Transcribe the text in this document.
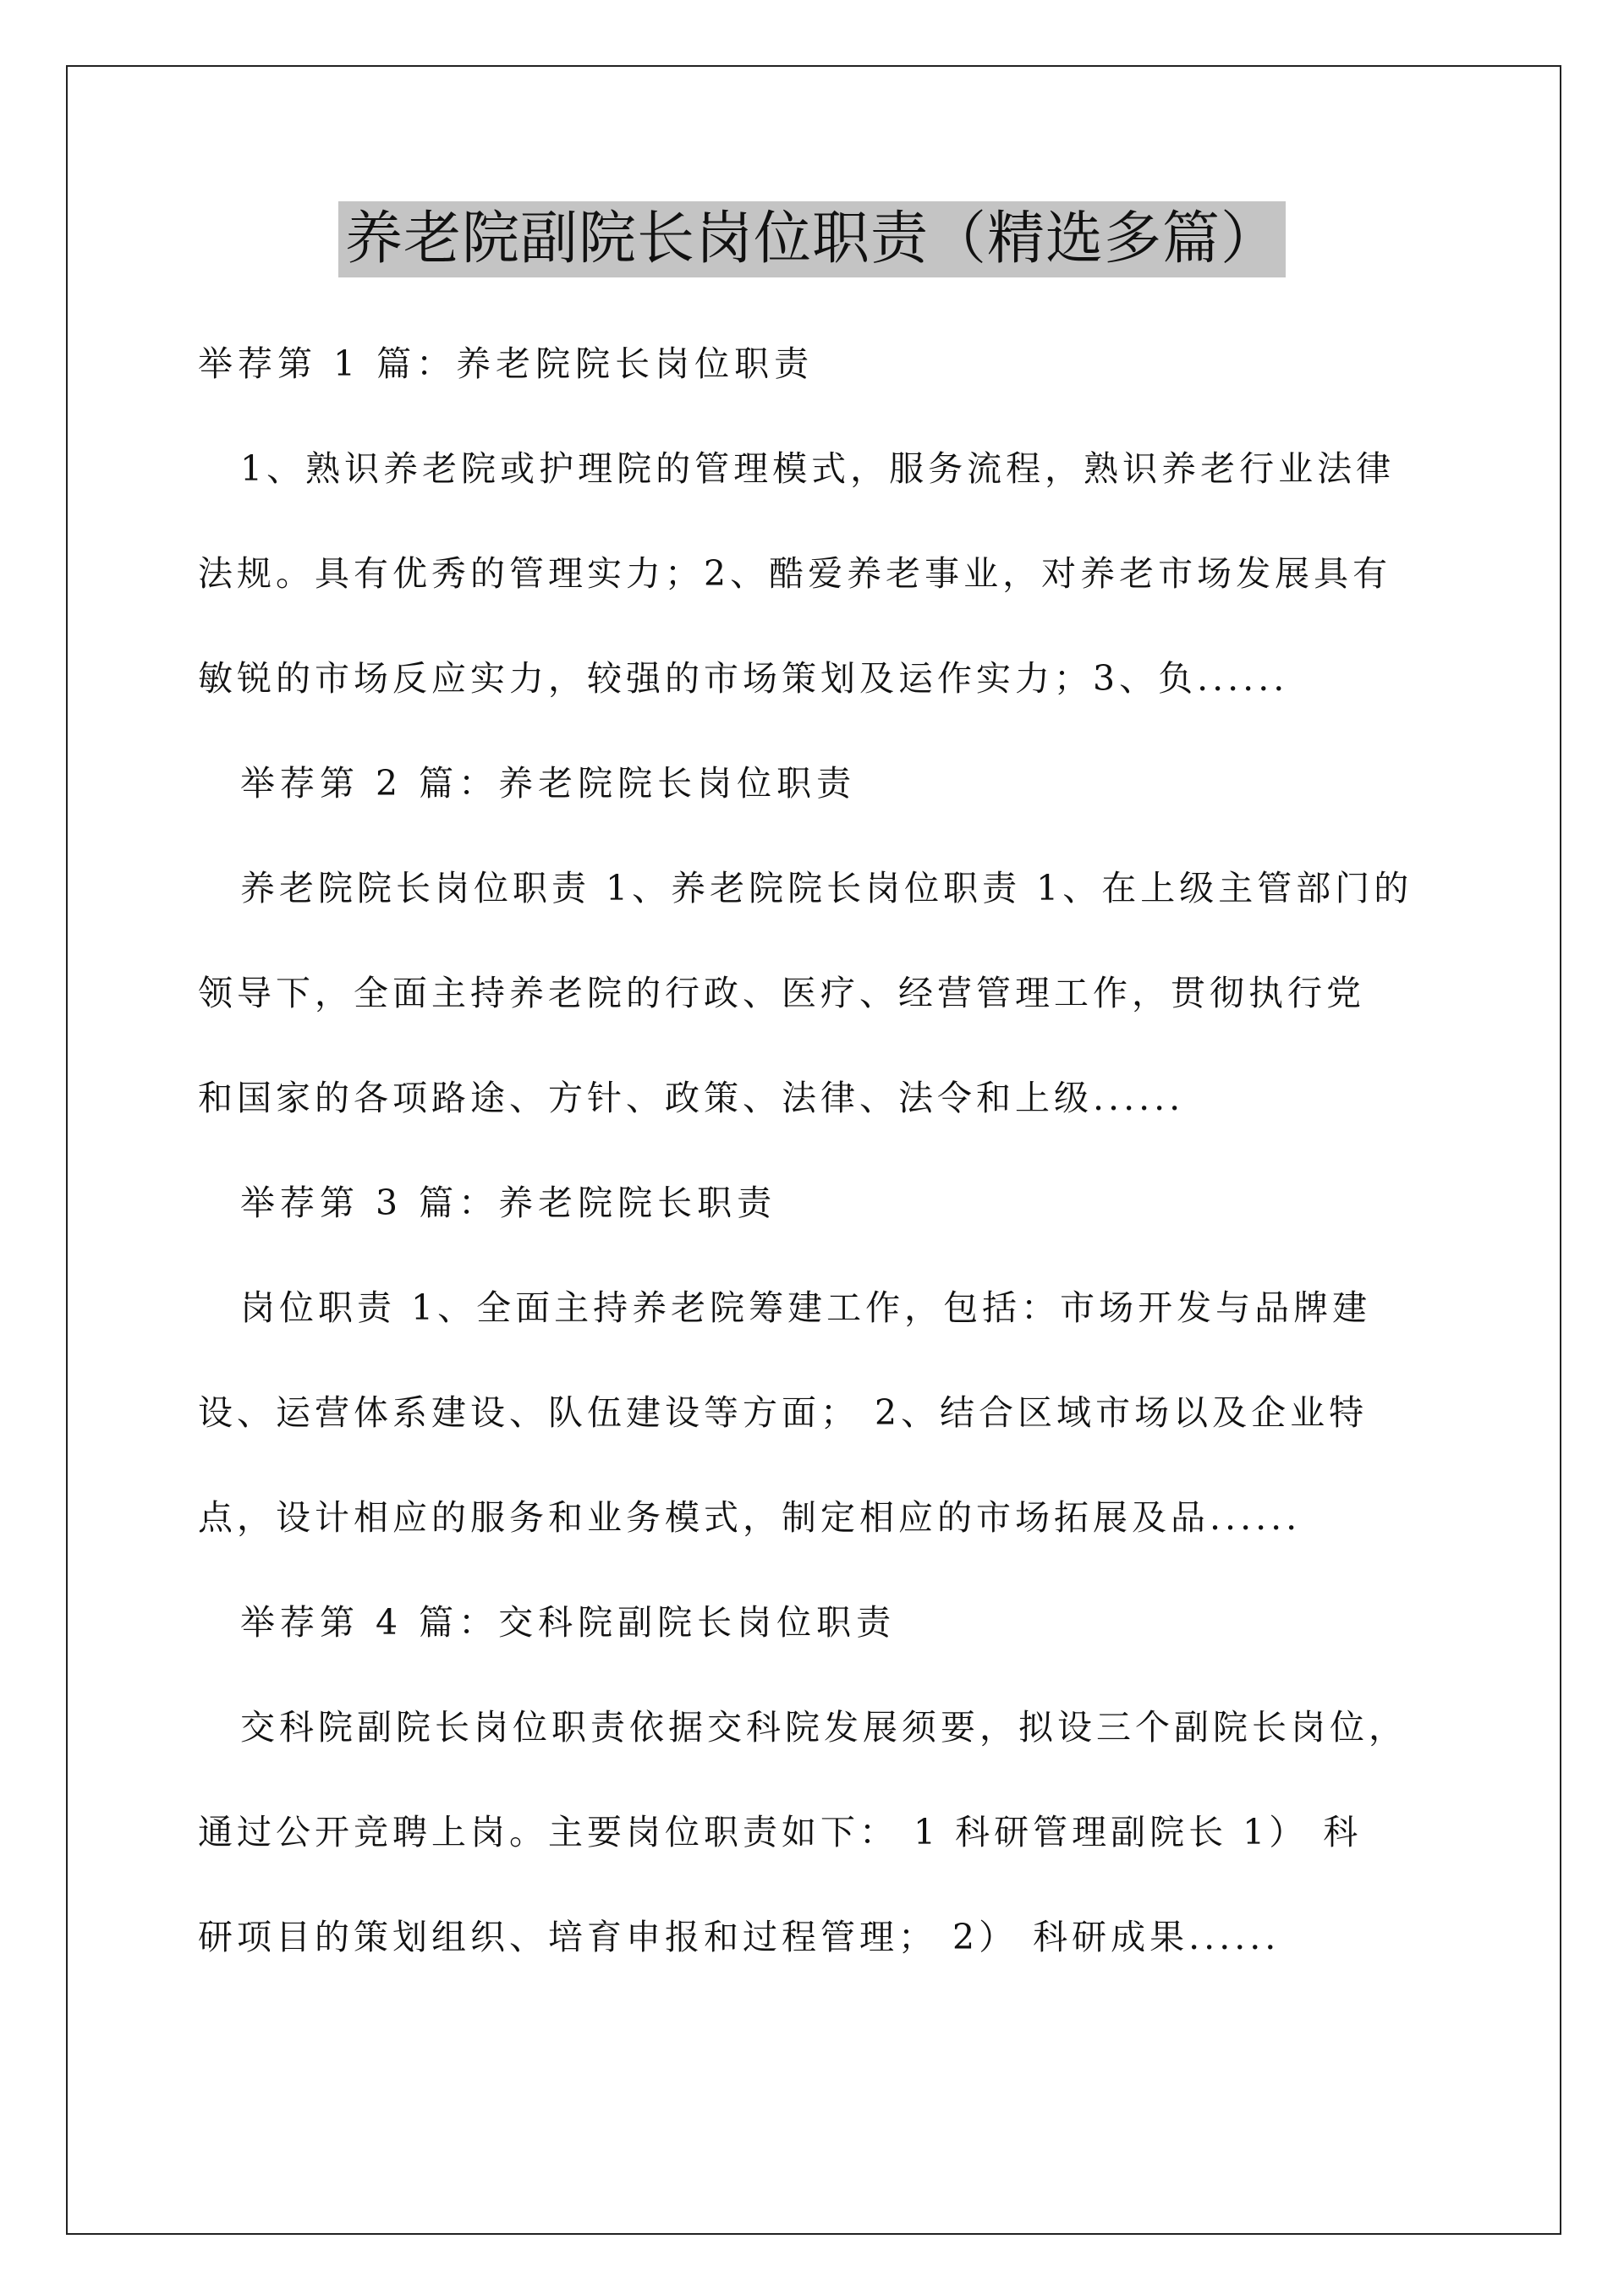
养老院副院长岗位职责（精选多篇）
举荐第 1 篇：养老院院长岗位职责
1、熟识养老院或护理院的管理模式，服务流程，熟识养老行业法律
法规。具有优秀的管理实力；2、酷爱养老事业，对养老市场发展具有
敏锐的市场反应实力，较强的市场策划及运作实力；3、负......
举荐第 2 篇：养老院院长岗位职责
养老院院长岗位职责 1、养老院院长岗位职责 1、在上级主管部门的
领导下，全面主持养老院的行政、医疗、经营管理工作，贯彻执行党
和国家的各项路途、方针、政策、法律、法令和上级......
举荐第 3 篇：养老院院长职责
岗位职责 1、全面主持养老院筹建工作，包括：市场开发与品牌建
设、运营体系建设、队伍建设等方面； 2、结合区域市场以及企业特
点，设计相应的服务和业务模式，制定相应的市场拓展及品......
举荐第 4 篇：交科院副院长岗位职责
交科院副院长岗位职责依据交科院发展须要，拟设三个副院长岗位，
通过公开竞聘上岗。主要岗位职责如下： 1 科研管理副院长 1） 科
研项目的策划组织、培育申报和过程管理； 2） 科研成果......
